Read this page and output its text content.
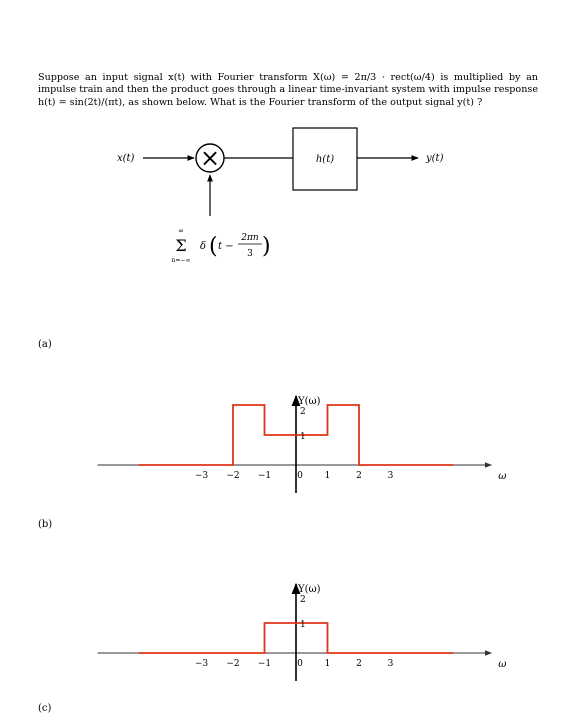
Suppose an input signal x(t) with Fourier transform X(ω) = 2π/3 · rect(ω/4) is multiplied by an impulse train and then the product goes through a linear time-invariant system with impulse response h(t) = sin(2t)/(πt), as shown below. What is the Fourier transform of the output signal y(t) ?
x(t)	×	h(t)	y(t)
∞
Σ
n=−∞
δ ( t −
2πn
3 )
(a)
(b)
(c)
−3 −2 −1	0 1	2	3
2
1
Y(ω)
ω
−3 −2 −1	0 1	2	3
2
1
Y(ω)
ω
